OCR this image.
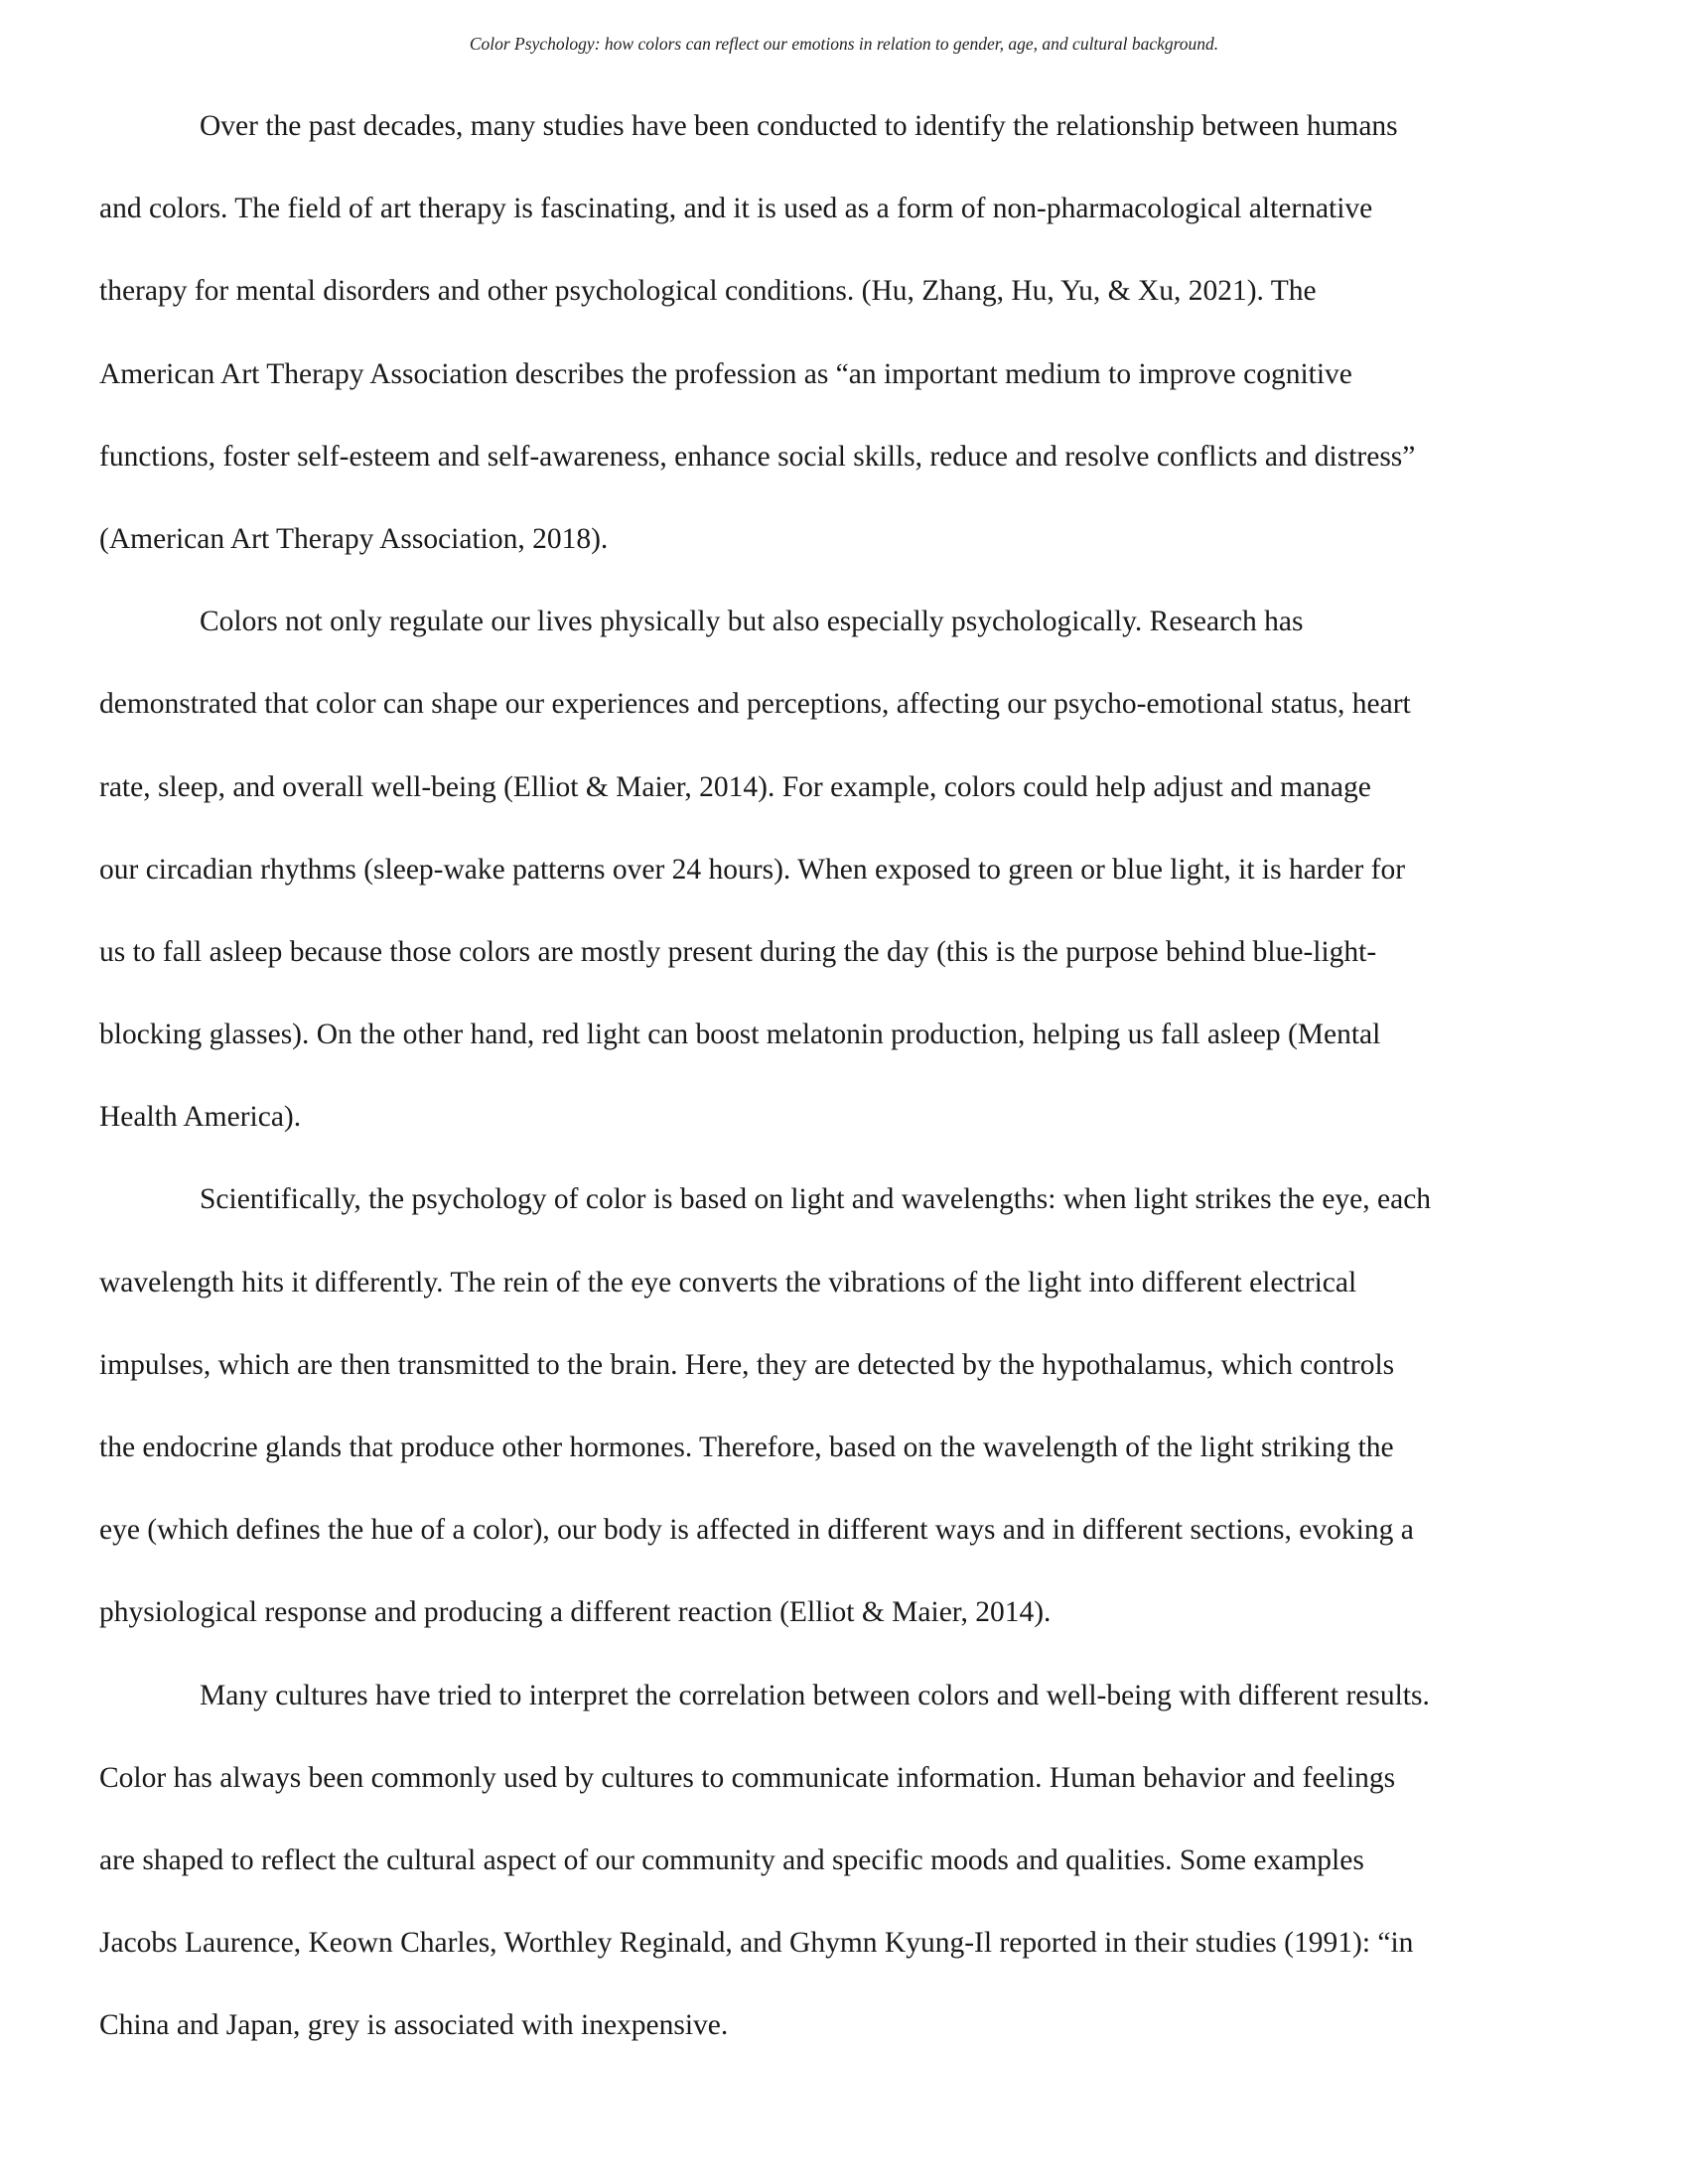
Color Psychology: how colors can reflect our emotions in relation to gender, age, and cultural background.
Over the past decades, many studies have been conducted to identify the relationship between humans
and colors. The field of art therapy is fascinating, and it is used as a form of non-pharmacological alternative
therapy for mental disorders and other psychological conditions. (Hu, Zhang, Hu, Yu, & Xu, 2021). The
American Art Therapy Association describes the profession as “an important medium to improve cognitive
functions, foster self-esteem and self-awareness, enhance social skills, reduce and resolve conflicts and distress”
(American Art Therapy Association, 2018).
Colors not only regulate our lives physically but also especially psychologically. Research has
demonstrated that color can shape our experiences and perceptions, affecting our psycho-emotional status, heart
rate, sleep, and overall well-being (Elliot & Maier, 2014). For example, colors could help adjust and manage
our circadian rhythms (sleep-wake patterns over 24 hours). When exposed to green or blue light, it is harder for
us to fall asleep because those colors are mostly present during the day (this is the purpose behind blue-light-
blocking glasses). On the other hand, red light can boost melatonin production, helping us fall asleep (Mental
Health America).
Scientifically, the psychology of color is based on light and wavelengths: when light strikes the eye, each
wavelength hits it differently. The rein of the eye converts the vibrations of the light into different electrical
impulses, which are then transmitted to the brain. Here, they are detected by the hypothalamus, which controls
the endocrine glands that produce other hormones. Therefore, based on the wavelength of the light striking the
eye (which defines the hue of a color), our body is affected in different ways and in different sections, evoking a
physiological response and producing a different reaction (Elliot & Maier, 2014).
Many cultures have tried to interpret the correlation between colors and well-being with different results.
Color has always been commonly used by cultures to communicate information. Human behavior and feelings
are shaped to reflect the cultural aspect of our community and specific moods and qualities. Some examples
Jacobs Laurence, Keown Charles, Worthley Reginald, and Ghymn Kyung-Il reported in their studies (1991): “in
China and Japan, grey is associated with inexpensive.
